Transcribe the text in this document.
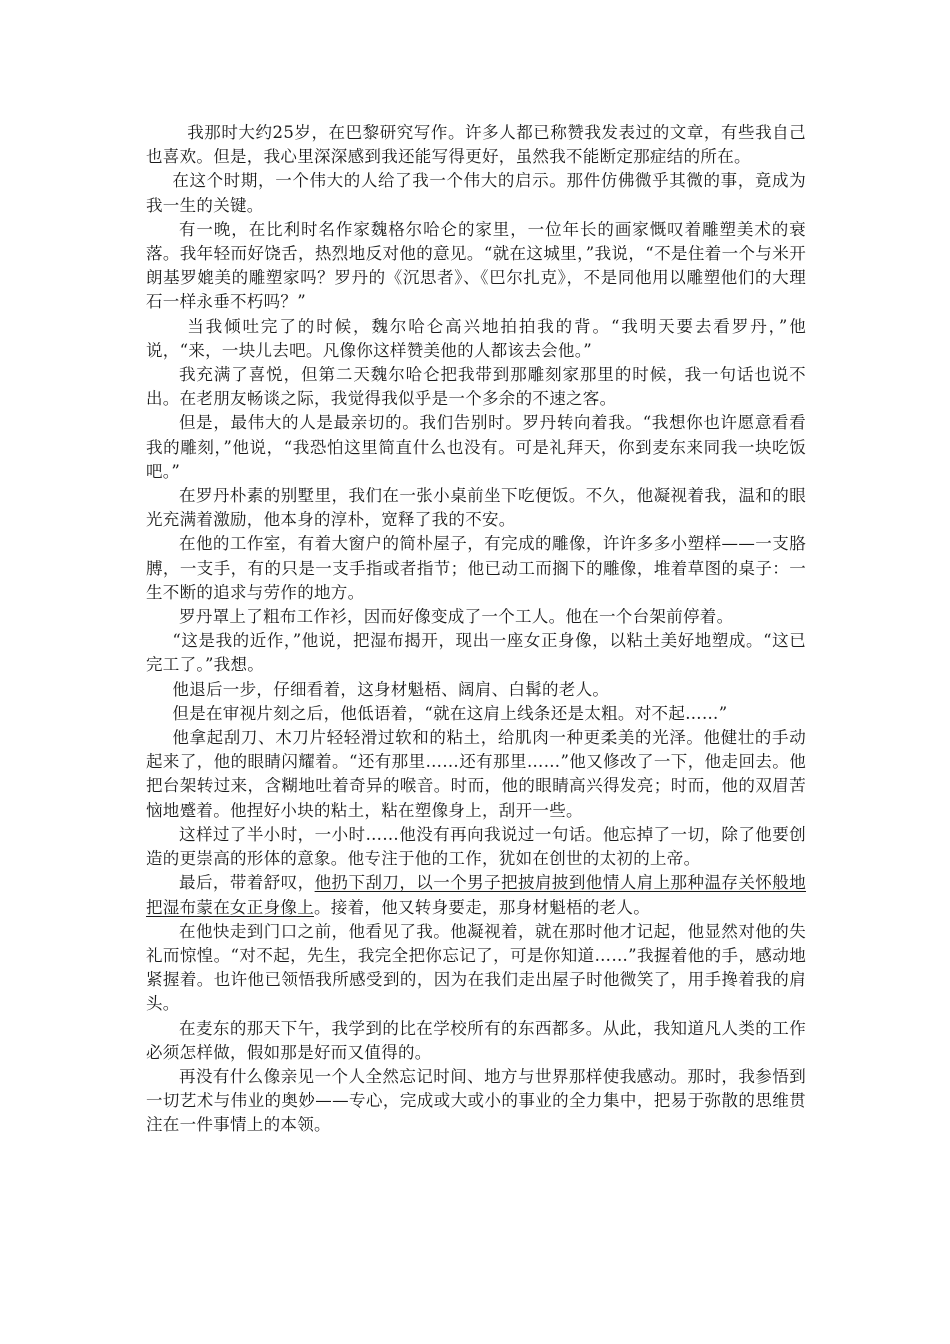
我那时大约25岁，在巴黎研究写作。许多人都已称赞我发表过的文章，有些我自己也喜欢。但是，我心里深深感到我还能写得更好，虽然我不能断定那症结的所在。

在这个时期，一个伟大的人给了我一个伟大的启示。那件仿佛微乎其微的事，竟成为我一生的关键。

有一晚，在比利时名作家魏格尔哈仑的家里，一位年长的画家慨叹着雕塑美术的衰落。我年轻而好饶舌，热烈地反对他的意见。“就在这城里，”我说，“不是住着一个与米开朗基罗媲美的雕塑家吗？罗丹的《沉思者》、《巴尔扎克》，不是同他用以雕塑他们的大理石一样永垂不朽吗？”

当我倾吐完了的时候，魏尔哈仑高兴地拍拍我的背。“我明天要去看罗丹，”他说，“来，一块儿去吧。凡像你这样赞美他的人都该去会他。”

我充满了喜悦，但第二天魏尔哈仑把我带到那雕刻家那里的时候，我一句话也说不出。在老朋友畅谈之际，我觉得我似乎是一个多余的不速之客。

但是，最伟大的人是最亲切的。我们告别时。罗丹转向着我。“我想你也许愿意看看我的雕刻，”他说，“我恐怕这里简直什么也没有。可是礼拜天，你到麦东来同我一块吃饭吧。”

在罗丹朴素的别墅里，我们在一张小桌前坐下吃便饭。不久，他凝视着我，温和的眼光充满着激励，他本身的淳朴，宽释了我的不安。

在他的工作室，有着大窗户的简朴屋子，有完成的雕像，许许多多小塑样——一支胳膊，一支手，有的只是一支手指或者指节；他已动工而搁下的雕像，堆着草图的桌子：一生不断的追求与劳作的地方。

罗丹罩上了粗布工作衫，因而好像变成了一个工人。他在一个台架前停着。

“这是我的近作，”他说，把湿布揭开，现出一座女正身像，以粘土美好地塑成。“这已完工了。”我想。

他退后一步，仔细看着，这身材魁梧、阔肩、白髯的老人。

但是在审视片刻之后，他低语着，“就在这肩上线条还是太粗。对不起……”

他拿起刮刀、木刀片轻轻滑过软和的粘土，给肌肉一种更柔美的光泽。他健壮的手动起来了，他的眼睛闪耀着。“还有那里……还有那里……”他又修改了一下，他走回去。他把台架转过来，含糊地吐着奇异的喉音。时而，他的眼睛高兴得发亮；时而，他的双眉苦恼地蹙着。他捏好小块的粘土，粘在塑像身上，刮开一些。

这样过了半小时，一小时……他没有再向我说过一句话。他忘掉了一切，除了他要创造的更崇高的形体的意象。他专注于他的工作，犹如在创世的太初的上帝。

最后，带着舒叹，他扔下刮刀，以一个男子把披肩披到他情人肩上那种温存关怀般地把湿布蒙在女正身像上。接着，他又转身要走，那身材魁梧的老人。

在他快走到门口之前，他看见了我。他凝视着，就在那时他才记起，他显然对他的失礼而惊惶。“对不起，先生，我完全把你忘记了，可是你知道……”我握着他的手，感动地紧握着。也许他已领悟我所感受到的，因为在我们走出屋子时他微笑了，用手搀着我的肩头。

在麦东的那天下午，我学到的比在学校所有的东西都多。从此，我知道凡人类的工作必须怎样做，假如那是好而又值得的。

再没有什么像亲见一个人全然忘记时间、地方与世界那样使我感动。那时，我参悟到一切艺术与伟业的奥妙——专心，完成或大或小的事业的全力集中，把易于弥散的思维贯注在一件事情上的本领。
